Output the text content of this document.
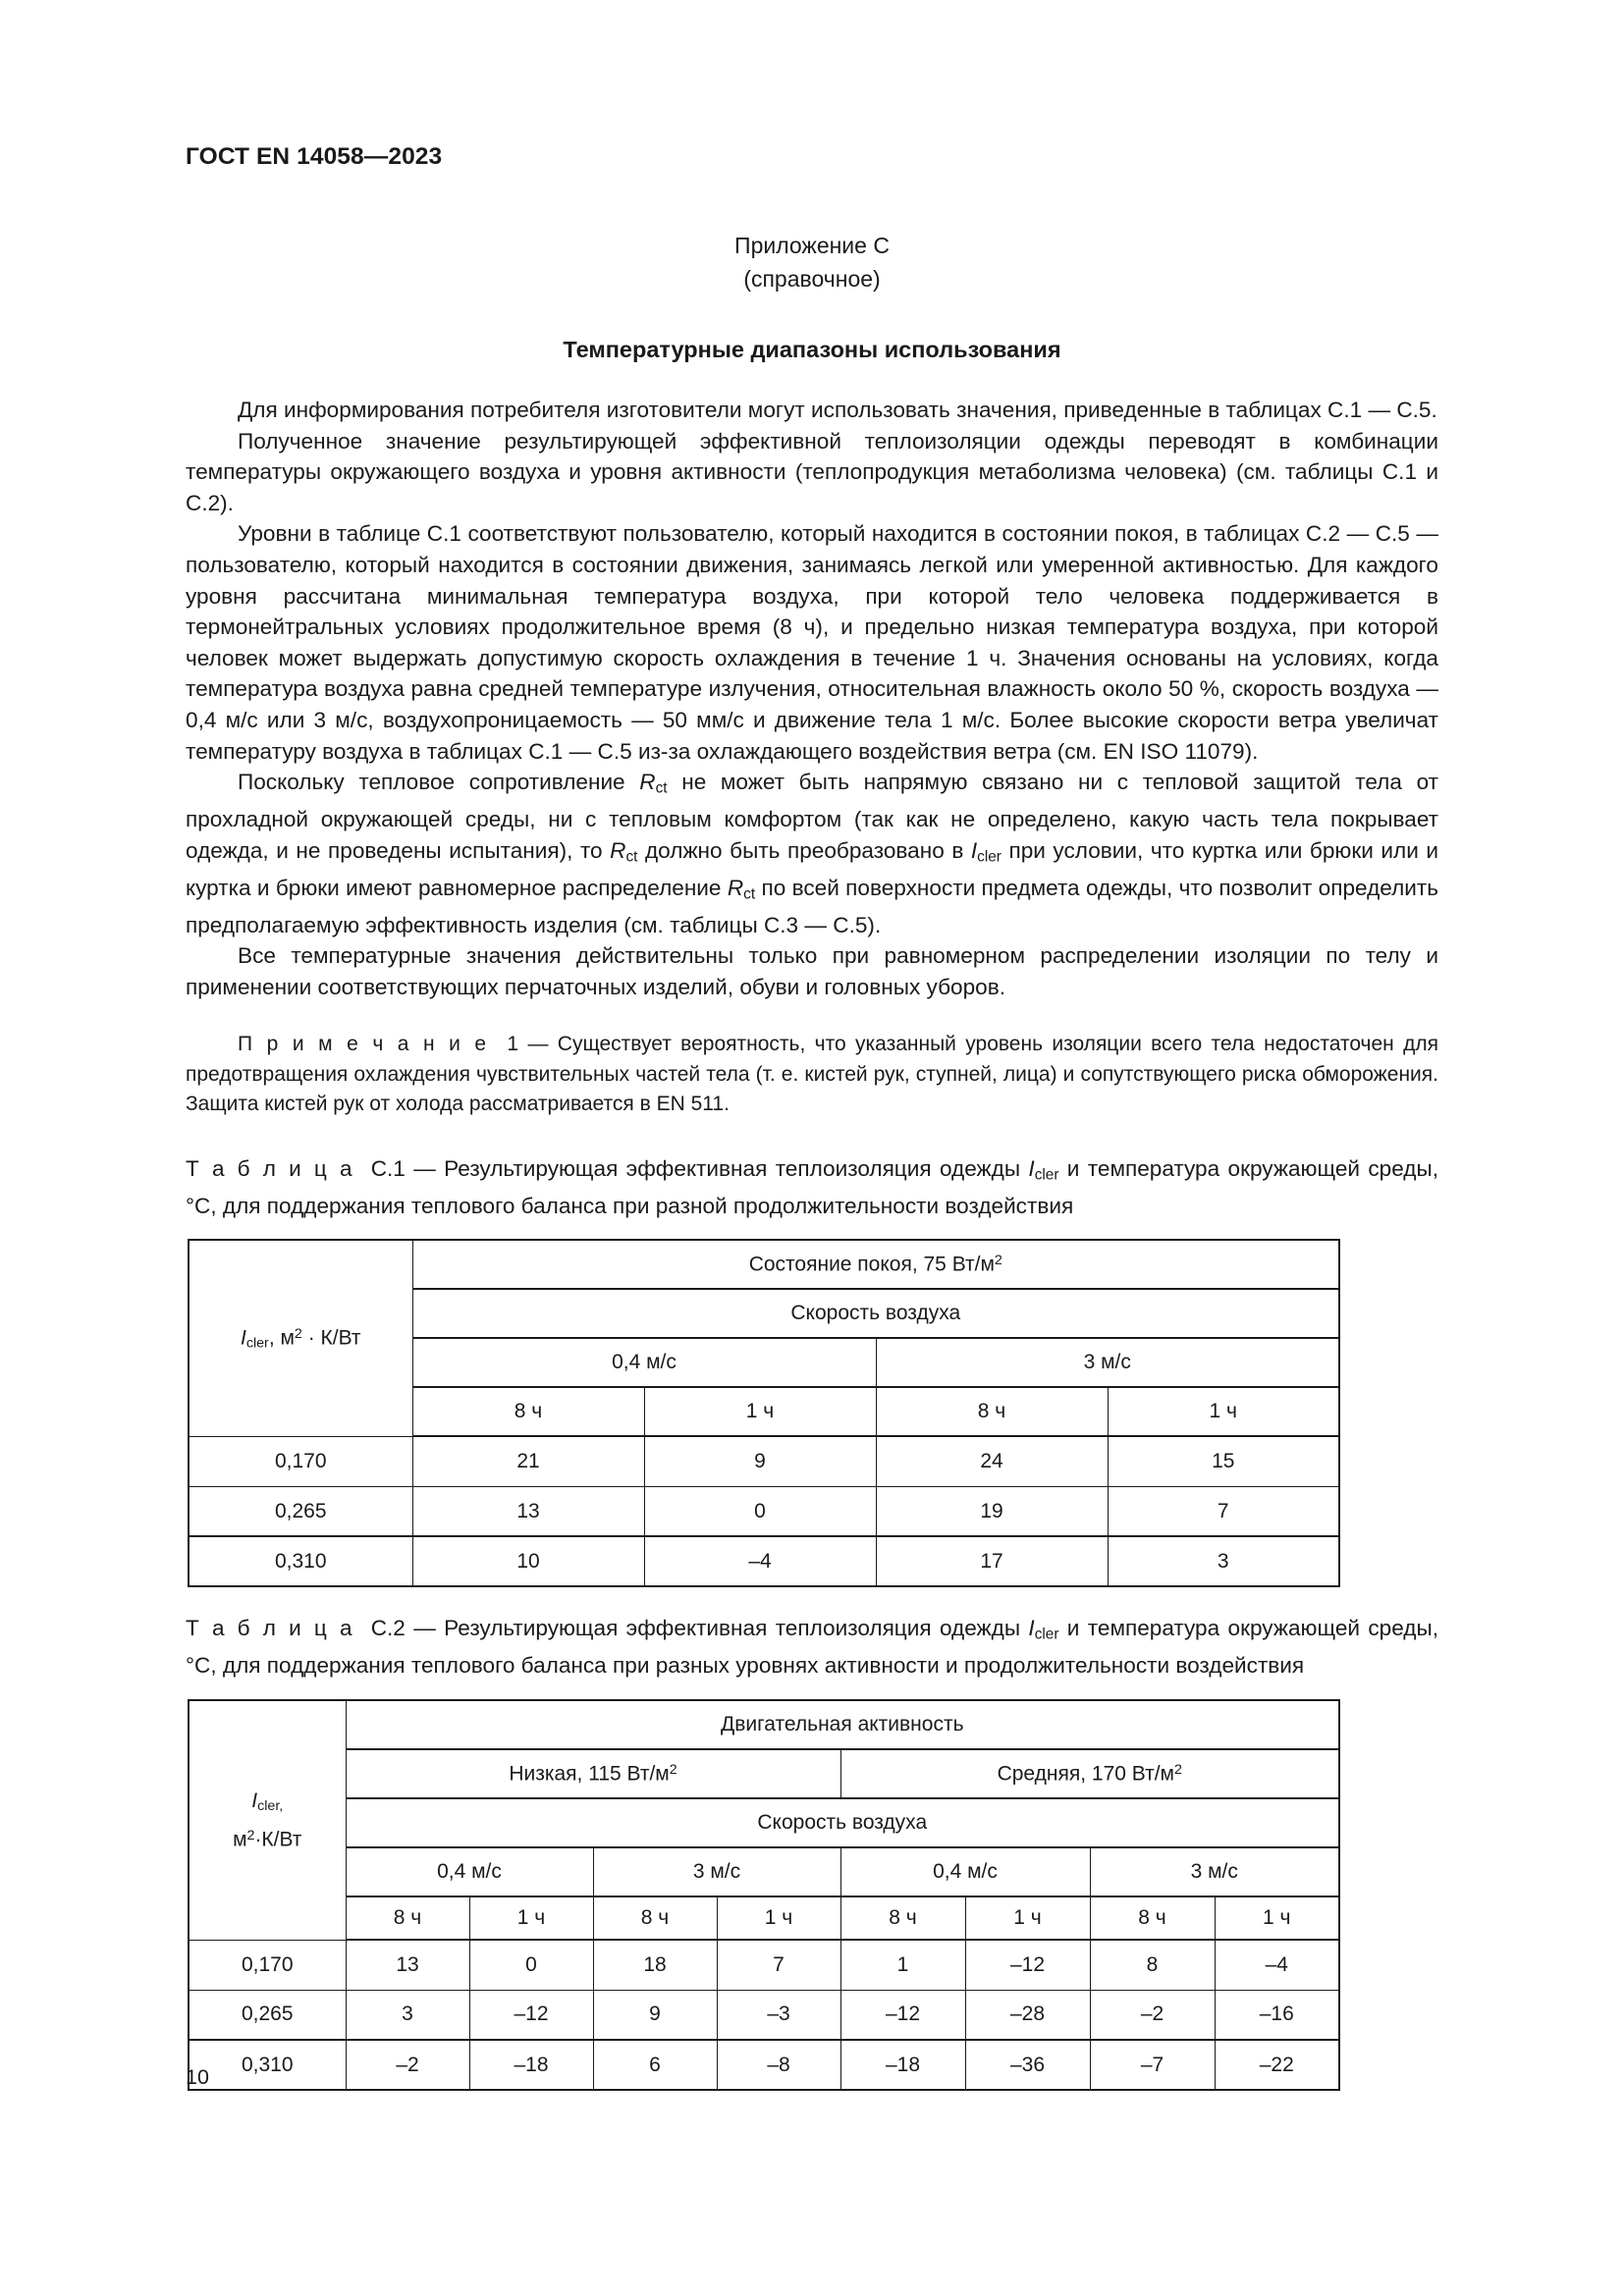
ГОСТ EN 14058—2023
Приложение С
(справочное)
Температурные диапазоны использования

Для информирования потребителя изготовители могут использовать значения, приведенные в таблицах С.1 — С.5.

Полученное значение результирующей эффективной теплоизоляции одежды переводят в комбинации температуры окружающего воздуха и уровня активности (теплопродукция метаболизма человека) (см. таблицы С.1 и С.2).

Уровни в таблице С.1 соответствуют пользователю, который находится в состоянии покоя, в таблицах С.2 — С.5 — пользователю, который находится в состоянии движения, занимаясь легкой или умеренной активностью. Для каждого уровня рассчитана минимальная температура воздуха, при которой тело человека поддерживается в термонейтральных условиях продолжительное время (8 ч), и предельно низкая температура воздуха, при которой человек может выдержать допустимую скорость охлаждения в течение 1 ч. Значения основаны на условиях, когда температура воздуха равна средней температуре излучения, относительная влажность около 50 %, скорость воздуха — 0,4 м/с или 3 м/с, воздухопроницаемость — 50 мм/с и движение тела 1 м/с. Более высокие скорости ветра увеличат температуру воздуха в таблицах С.1 — С.5 из-за охлаждающего воздействия ветра (см. EN ISO 11079).

Поскольку тепловое сопротивление $R_{ct}$ не может быть напрямую связано ни с тепловой защитой тела от прохладной окружающей среды, ни с тепловым комфортом (так как не определено, какую часть тела покрывает одежда, и не проведены испытания), то $R_{ct}$ должно быть преобразовано в $I_{cler}$ при условии, что куртка или брюки или и куртка и брюки имеют равномерное распределение $R_{ct}$ по всей поверхности предмета одежды, что позволит определить предполагаемую эффективность изделия (см. таблицы С.3 — С.5).

Все температурные значения действительны только при равномерном распределении изоляции по телу и применении соответствующих перчаточных изделий, обуви и головных уборов.

П р и м е ч а н и е 1 — Существует вероятность, что указанный уровень изоляции всего тела недостаточен для предотвращения охлаждения чувствительных частей тела (т. е. кистей рук, ступней, лица) и сопутствующего риска обморожения. Защита кистей рук от холода рассматривается в EN 511.

Т а б л и ц а С.1 — Результирующая эффективная теплоизоляция одежды $I_{cler}$ и температура окружающей среды, °С, для поддержания теплового баланса при разной продолжительности воздействия
$I_{cler}$, $м^2 \cdot К/Вт$	Состояние покоя, 75 $Вт/м^2$
	Скорость воздуха			
	0,4 м/с		3 м/с	
	8 ч	1 ч	8 ч	1 ч
0,170	21	9	24	15
0,265	13	0	19	7
0,310	10	–4	17	3
Т а б л и ц а С.2 — Результирующая эффективная теплоизоляция одежды $I_{cler}$ и температура окружающей среды, °С, для поддержания теплового баланса при разных уровнях активности и продолжительности воздействия
$I_{cler,}$
$м^2\cdot К/Вт$	Двигательная активность							
	Низкая, 115 $Вт/м^2$				Средняя, 170 $Вт/м^2$
	Скорость воздуха							
	0,4 м/с		3 м/с		0,4 м/с		3 м/с	
	8 ч	1 ч	8 ч	1 ч	8 ч	1 ч	8 ч	1 ч
0,170	13	0	18	7	1	–12	8	–4
0,265	3	–12	9	–3	–12	–28	–2	–16
0,310	–2	–18	6	–8	–18	–36	–7	–22
10
